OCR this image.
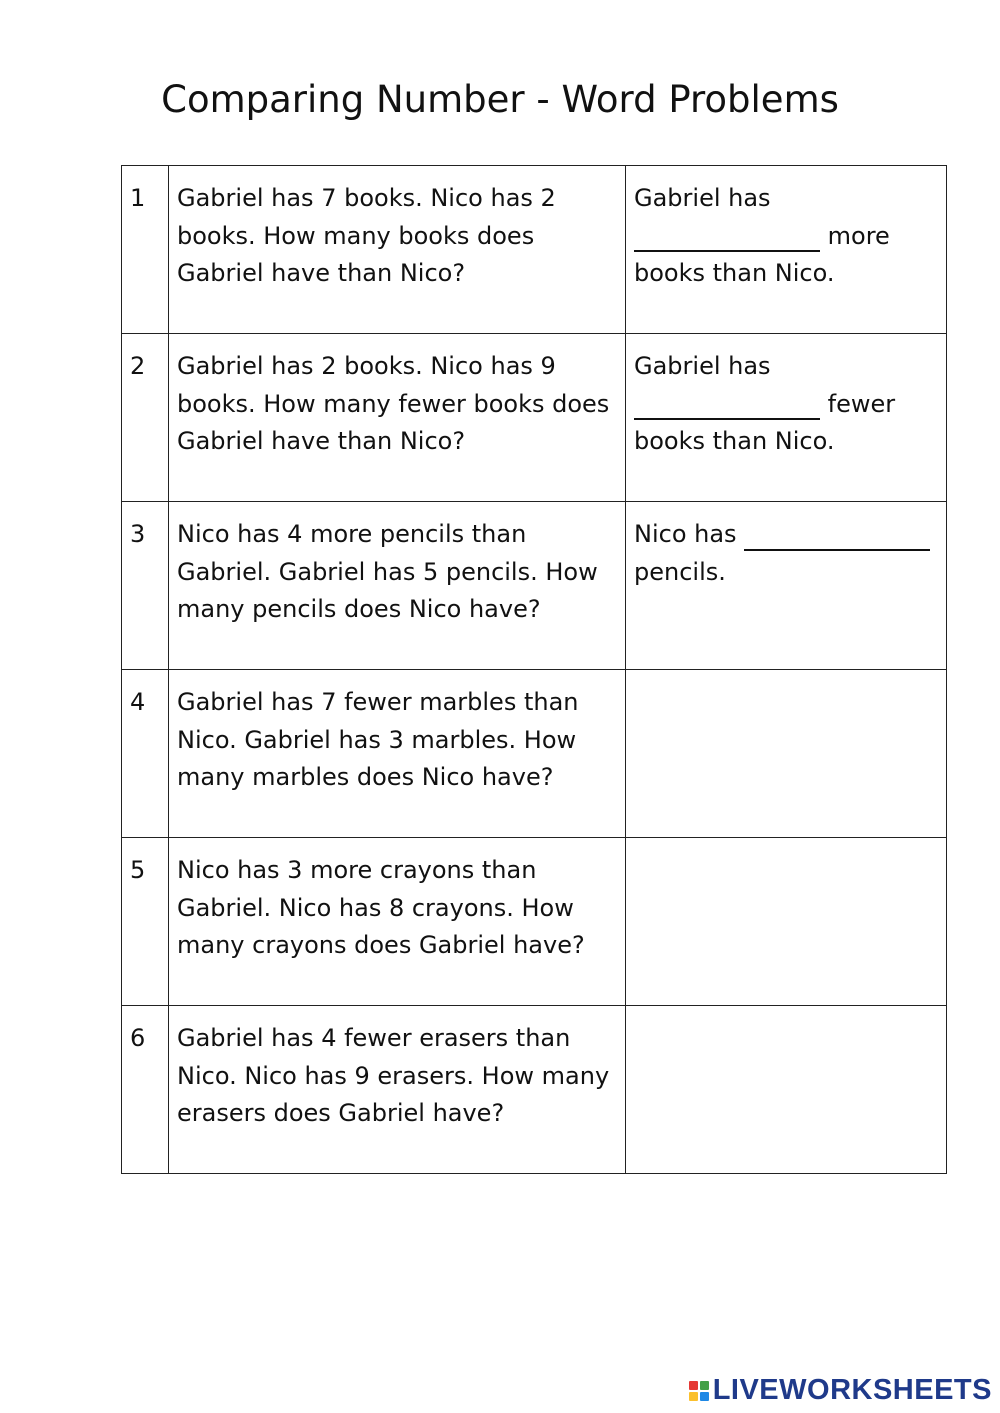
Comparing Number - Word Problems
1	Gabriel has 7 books. Nico has 2 books. How many books does Gabriel have than Nico?	Gabriel has
more
books than Nico.
2	Gabriel has 2 books. Nico has 9 books. How many fewer books does Gabriel have than Nico?	Gabriel has
fewer
books than Nico.
3	Nico has 4 more pencils than Gabriel. Gabriel has 5 pencils. How many pencils does Nico have?	Nico has
pencils.
4	Gabriel has 7 fewer marbles than Nico. Gabriel has 3 marbles. How many marbles does Nico have?	
5	Nico has 3 more crayons than Gabriel. Nico has 8 crayons. How many crayons does Gabriel have?	
6	Gabriel has 4 fewer erasers than Nico. Nico has 9 erasers. How many erasers does Gabriel have?	
LIVEWORKSHEETS
